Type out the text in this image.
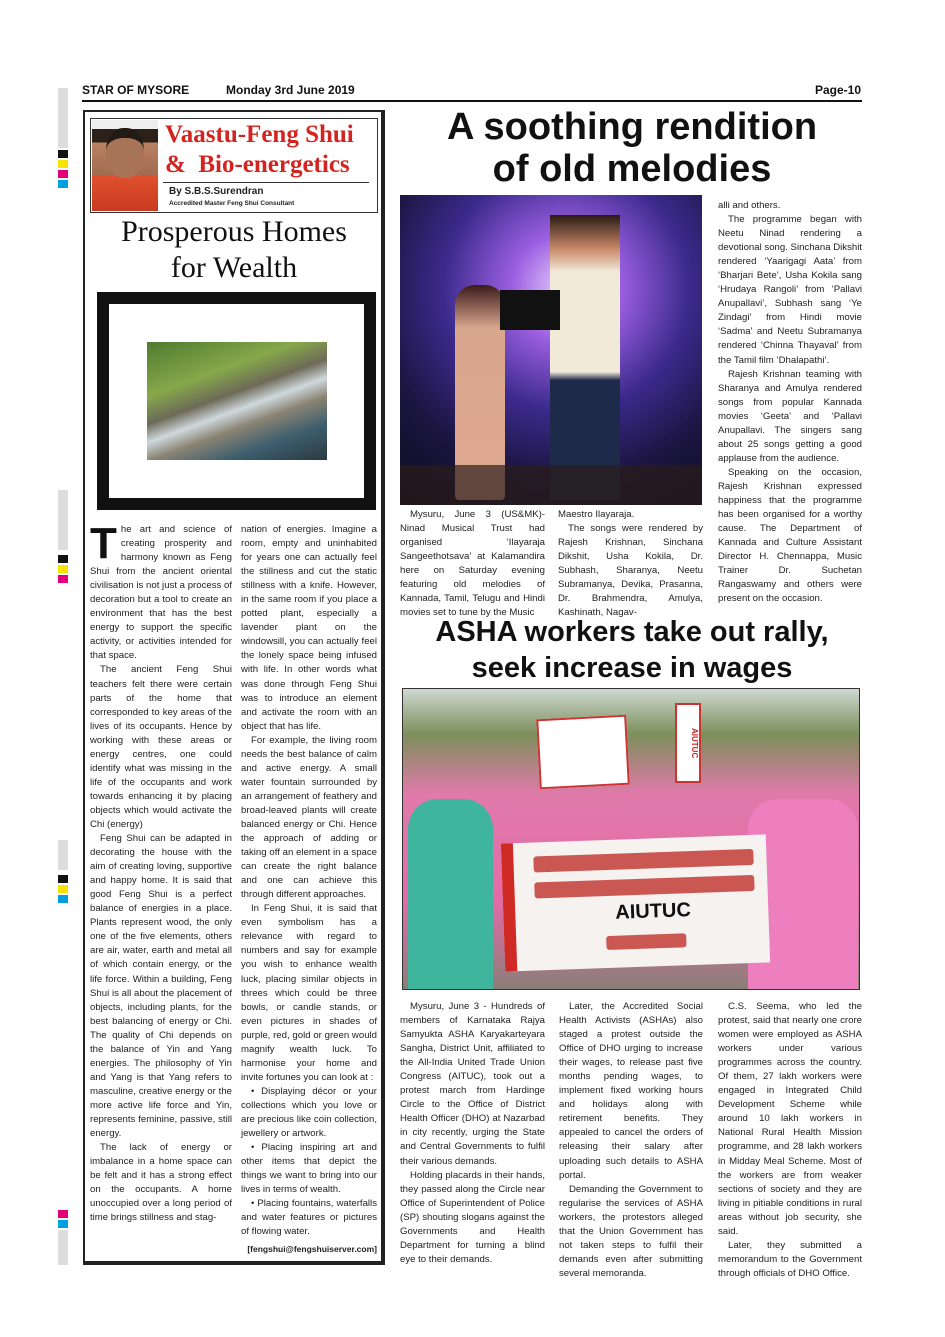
STAR OF MYSORE	Monday 3rd June 2019	Page-10
Vaastu-Feng Shui
&  Bio-energetics
By S.B.S.Surendran
Accredited Master Feng Shui Consultant
Prosperous Homes
for Wealth

The art and science of creating prosperity and harmony known as Feng Shui from the ancient oriental civilisation is not just a process of decoration but a tool to create an environment that has the best energy to support the specific activity, or activities intended for that space.

The ancient Feng Shui teachers felt there were certain parts of the home that corresponded to key areas of the lives of its occupants. Hence by working with these areas or energy centres, one could identify what was missing in the life of the occupants and work towards enhancing it by placing objects which would activate the Chi (energy)

Feng Shui can be adapted in decorating the house with the aim of creating loving, supportive and happy home. It is said that good Feng Shui is a perfect balance of energies in a place. Plants represent wood, the only one of the five elements, others are air, water, earth and metal all of which contain energy, or the life force. Within a building, Feng Shui is all about the placement of objects, including plants, for the best balancing of energy or Chi. The quality of Chi depends on the balance of Yin and Yang energies. The philosophy of Yin and Yang is that Yang refers to masculine, creative energy or the more active life force and Yin, represents feminine, passive, still energy.

The lack of energy or imbalance in a home space can be felt and it has a strong effect on the occupants. A home unoccupied over a long period of time brings stillness and stag-

nation of energies. Imagine a room, empty and uninhabited for years one can actually feel the stillness and cut the static stillness with a knife. However, in the same room if you place a potted plant, especially a lavender plant on the windowsill, you can actually feel the lonely space being infused with life. In other words what was done through Feng Shui was to introduce an element and activate the room with an object that has life.

For example, the living room needs the best balance of calm and active energy. A small water fountain surrounded by an arrangement of feathery and broad-leaved plants will create balanced energy or Chi. Hence the approach of adding or taking off an element in a space can create the right balance and one can achieve this through different approaches.

In Feng Shui, it is said that even symbolism has a relevance with regard to numbers and say for example you wish to enhance wealth luck, placing similar objects in threes which could be three bowls, or candle stands, or even pictures in shades of purple, red, gold or green would magnify wealth luck. To harmonise your home and invite fortunes you can look at :

• Displaying décor or your collections which you love or are precious like coin collection, jewellery or artwork.

• Placing inspiring art and other items that depict the things we want to bring into our lives in terms of wealth.

• Placing fountains, waterfalls and water features or pictures of flowing water.

[fengshui@fengshuiserver.com]
A soothing rendition
of old melodies

Mysuru, June 3 (US&MK)- Ninad Musical Trust had organised ‘Ilayaraja Sangeethotsava’ at Kalamandira here on Saturday evening featuring old melodies of Kannada, Tamil, Telugu and Hindi movies set to tune by the Music

Maestro Ilayaraja.

The songs were rendered by Rajesh Krishnan, Sinchana Dikshit, Usha Kokila, Dr. Subhash, Sharanya, Neetu Subramanya, Devika, Prasanna, Dr. Brahmendra, Amulya, Kashinath, Nagav-

alli and others.

The programme began with Neetu Ninad rendering a devotional song. Sinchana Dikshit rendered ‘Yaarigagi Aata’ from ‘Bharjari Bete’, Usha Kokila sang ‘Hrudaya Rangoli’ from ‘Pallavi Anupallavi’, Subhash sang ‘Ye Zindagi’ from Hindi movie ‘Sadma’ and Neetu Subramanya rendered ‘Chinna Thayaval’ from the Tamil film ‘Dhalapathi’.

Rajesh Krishnan teaming with Sharanya and Amulya rendered songs from popular Kannada movies ‘Geeta’ and ‘Pallavi Anupallavi. The singers sang about 25 songs getting a good applause from the audience.

Speaking on the occasion, Rajesh Krishnan expressed happiness that the programme has been organised for a worthy cause. The Department of Kannada and Culture Assistant Director H. Chennappa, Music Trainer Dr. Suchetan Rangaswamy and others were present on the occasion.

ASHA workers take out rally,
seek increase in wages
AIUTUC
AIUTUC

Mysuru, June 3 - Hundreds of members of Karnataka Rajya Samyukta ASHA Karyakarteyara Sangha, District Unit, affiliated to the All-India United Trade Union Congress (AITUC), took out a protest march from Hardinge Circle to the Office of District Health Officer (DHO) at Nazarbad in city recently, urging the State and Central Governments to fulfil their various demands.

Holding placards in their hands, they passed along the Circle near Office of Superintendent of Police (SP) shouting slogans against the Governments and Health Department for turning a blind eye to their demands.

Later, the Accredited Social Health Activists (ASHAs) also staged a protest outside the Office of DHO urging to increase their wages, to release past five months pending wages, to implement fixed working hours and holidays along with retirement benefits. They appealed to cancel the orders of releasing their salary after uploading such details to ASHA portal.

Demanding the Government to regularise the services of ASHA workers, the protestors alleged that the Union Government has not taken steps to fulfil their demands even after submitting several memoranda.

C.S. Seema, who led the protest, said that nearly one crore women were employed as ASHA workers under various programmes across the country. Of them, 27 lakh workers were engaged in Integrated Child Development Scheme while around 10 lakh workers in National Rural Health Mission programme, and 28 lakh workers in Midday Meal Scheme. Most of the workers are from weaker sections of society and they are living in pitiable conditions in rural areas without job security, she said.

Later, they submitted a memorandum to the Government through officials of DHO Office.
